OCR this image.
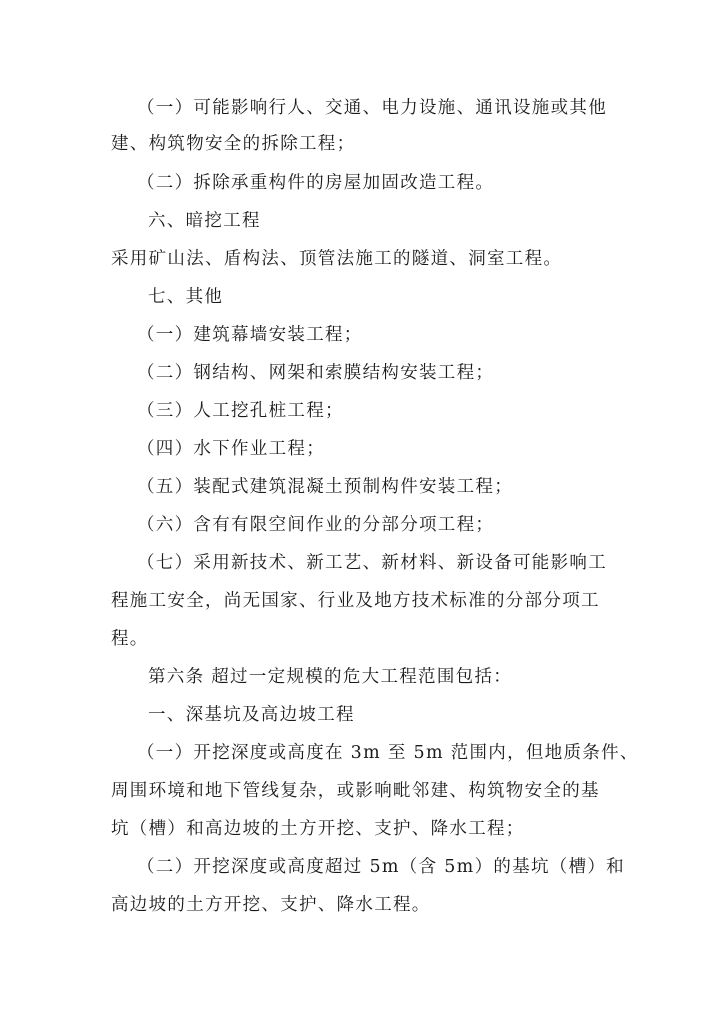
（一）可能影响行人、交通、电力设施、通讯设施或其他
建、构筑物安全的拆除工程；
（二）拆除承重构件的房屋加固改造工程。
六、暗挖工程
采用矿山法、盾构法、顶管法施工的隧道、洞室工程。
七、其他
（一）建筑幕墙安装工程；
（二）钢结构、网架和索膜结构安装工程；
（三）人工挖孔桩工程；
（四）水下作业工程；
（五）装配式建筑混凝土预制构件安装工程；
（六）含有有限空间作业的分部分项工程；
（七）采用新技术、新工艺、新材料、新设备可能影响工
程施工安全，尚无国家、行业及地方技术标准的分部分项工
程。
第六条 超过一定规模的危大工程范围包括：
一、深基坑及高边坡工程
（一）开挖深度或高度在 3m 至 5m 范围内，但地质条件、
周围环境和地下管线复杂，或影响毗邻建、构筑物安全的基
坑（槽）和高边坡的土方开挖、支护、降水工程；
（二）开挖深度或高度超过 5m（含 5m）的基坑（槽）和
高边坡的土方开挖、支护、降水工程。
